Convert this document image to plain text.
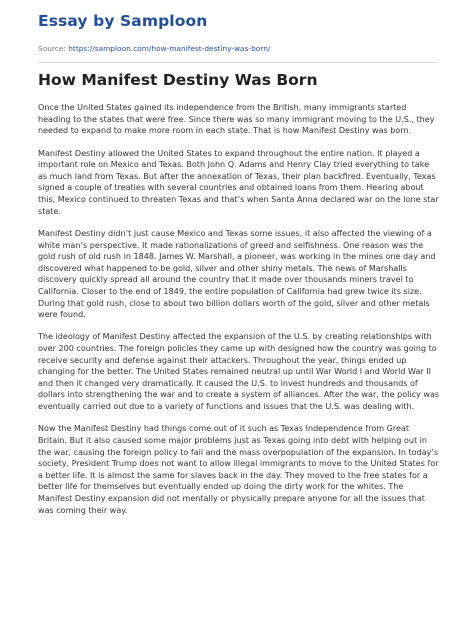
Essay by Samploon
Source: https://samploon.com/how-manifest-destiny-was-born/
How Manifest Destiny Was Born

Once the United States gained its independence from the British, many immigrants started heading to the states that were free. Since there was so many immigrant moving to the U.S., they needed to expand to make more room in each state. That is how Manifest Destiny was born.

Manifest Destiny allowed the United States to expand throughout the entire nation. It played a important role on Mexico and Texas. Both John Q. Adams and Henry Clay tried everything to take as much land from Texas. But after the annexation of Texas, their plan backfired. Eventually, Texas signed a couple of treaties with several countries and obtained loans from them. Hearing about this, Mexico continued to threaten Texas and that’s when Santa Anna declared war on the lone star state.

Manifest Destiny didn’t just cause Mexico and Texas some issues, it also affected the viewing of a white man’s perspective. It made rationalizations of greed and selfishness. One reason was the gold rush of old rush in 1848. James W. Marshall, a pioneer, was working in the mines one day and discovered what happened to be gold, silver and other shiny metals. The news of Marshalls discovery quickly spread all around the country that it made over thousands miners travel to California. Closer to the end of 1849, the entire population of California had grew twice its size. During that gold rush, close to about two billion dollars worth of the gold, silver and other metals were found.

The ideology of Manifest Destiny affected the expansion of the U.S. by creating relationships with over 200 countries. The foreign policies they came up with designed how the country was going to receive security and defense against their attackers. Throughout the year, things ended up changing for the better. The United States remained neutral up until War World I and World War II and then it changed very dramatically. It caused the U.S. to invest hundreds and thousands of dollars into strengthening the war and to create a system of alliances. After the war, the policy was eventually carried out due to a variety of functions and issues that the U.S. was dealing with.

Now the Manifest Destiny had things come out of it such as Texas Independence from Great Britain. But it also caused some major problems just as Texas going into debt with helping out in the war, causing the foreign policy to fail and the mass overpopulation of the expansion. In today’s society, President Trump does not want to allow illegal immigrants to move to the United States for a better life. It is almost the same for slaves back in the day. They moved to the free states for a better life for themselves but eventually ended up doing the dirty work for the whites. The Manifest Destiny expansion did not mentally or physically prepare anyone for all the issues that was coming their way.
